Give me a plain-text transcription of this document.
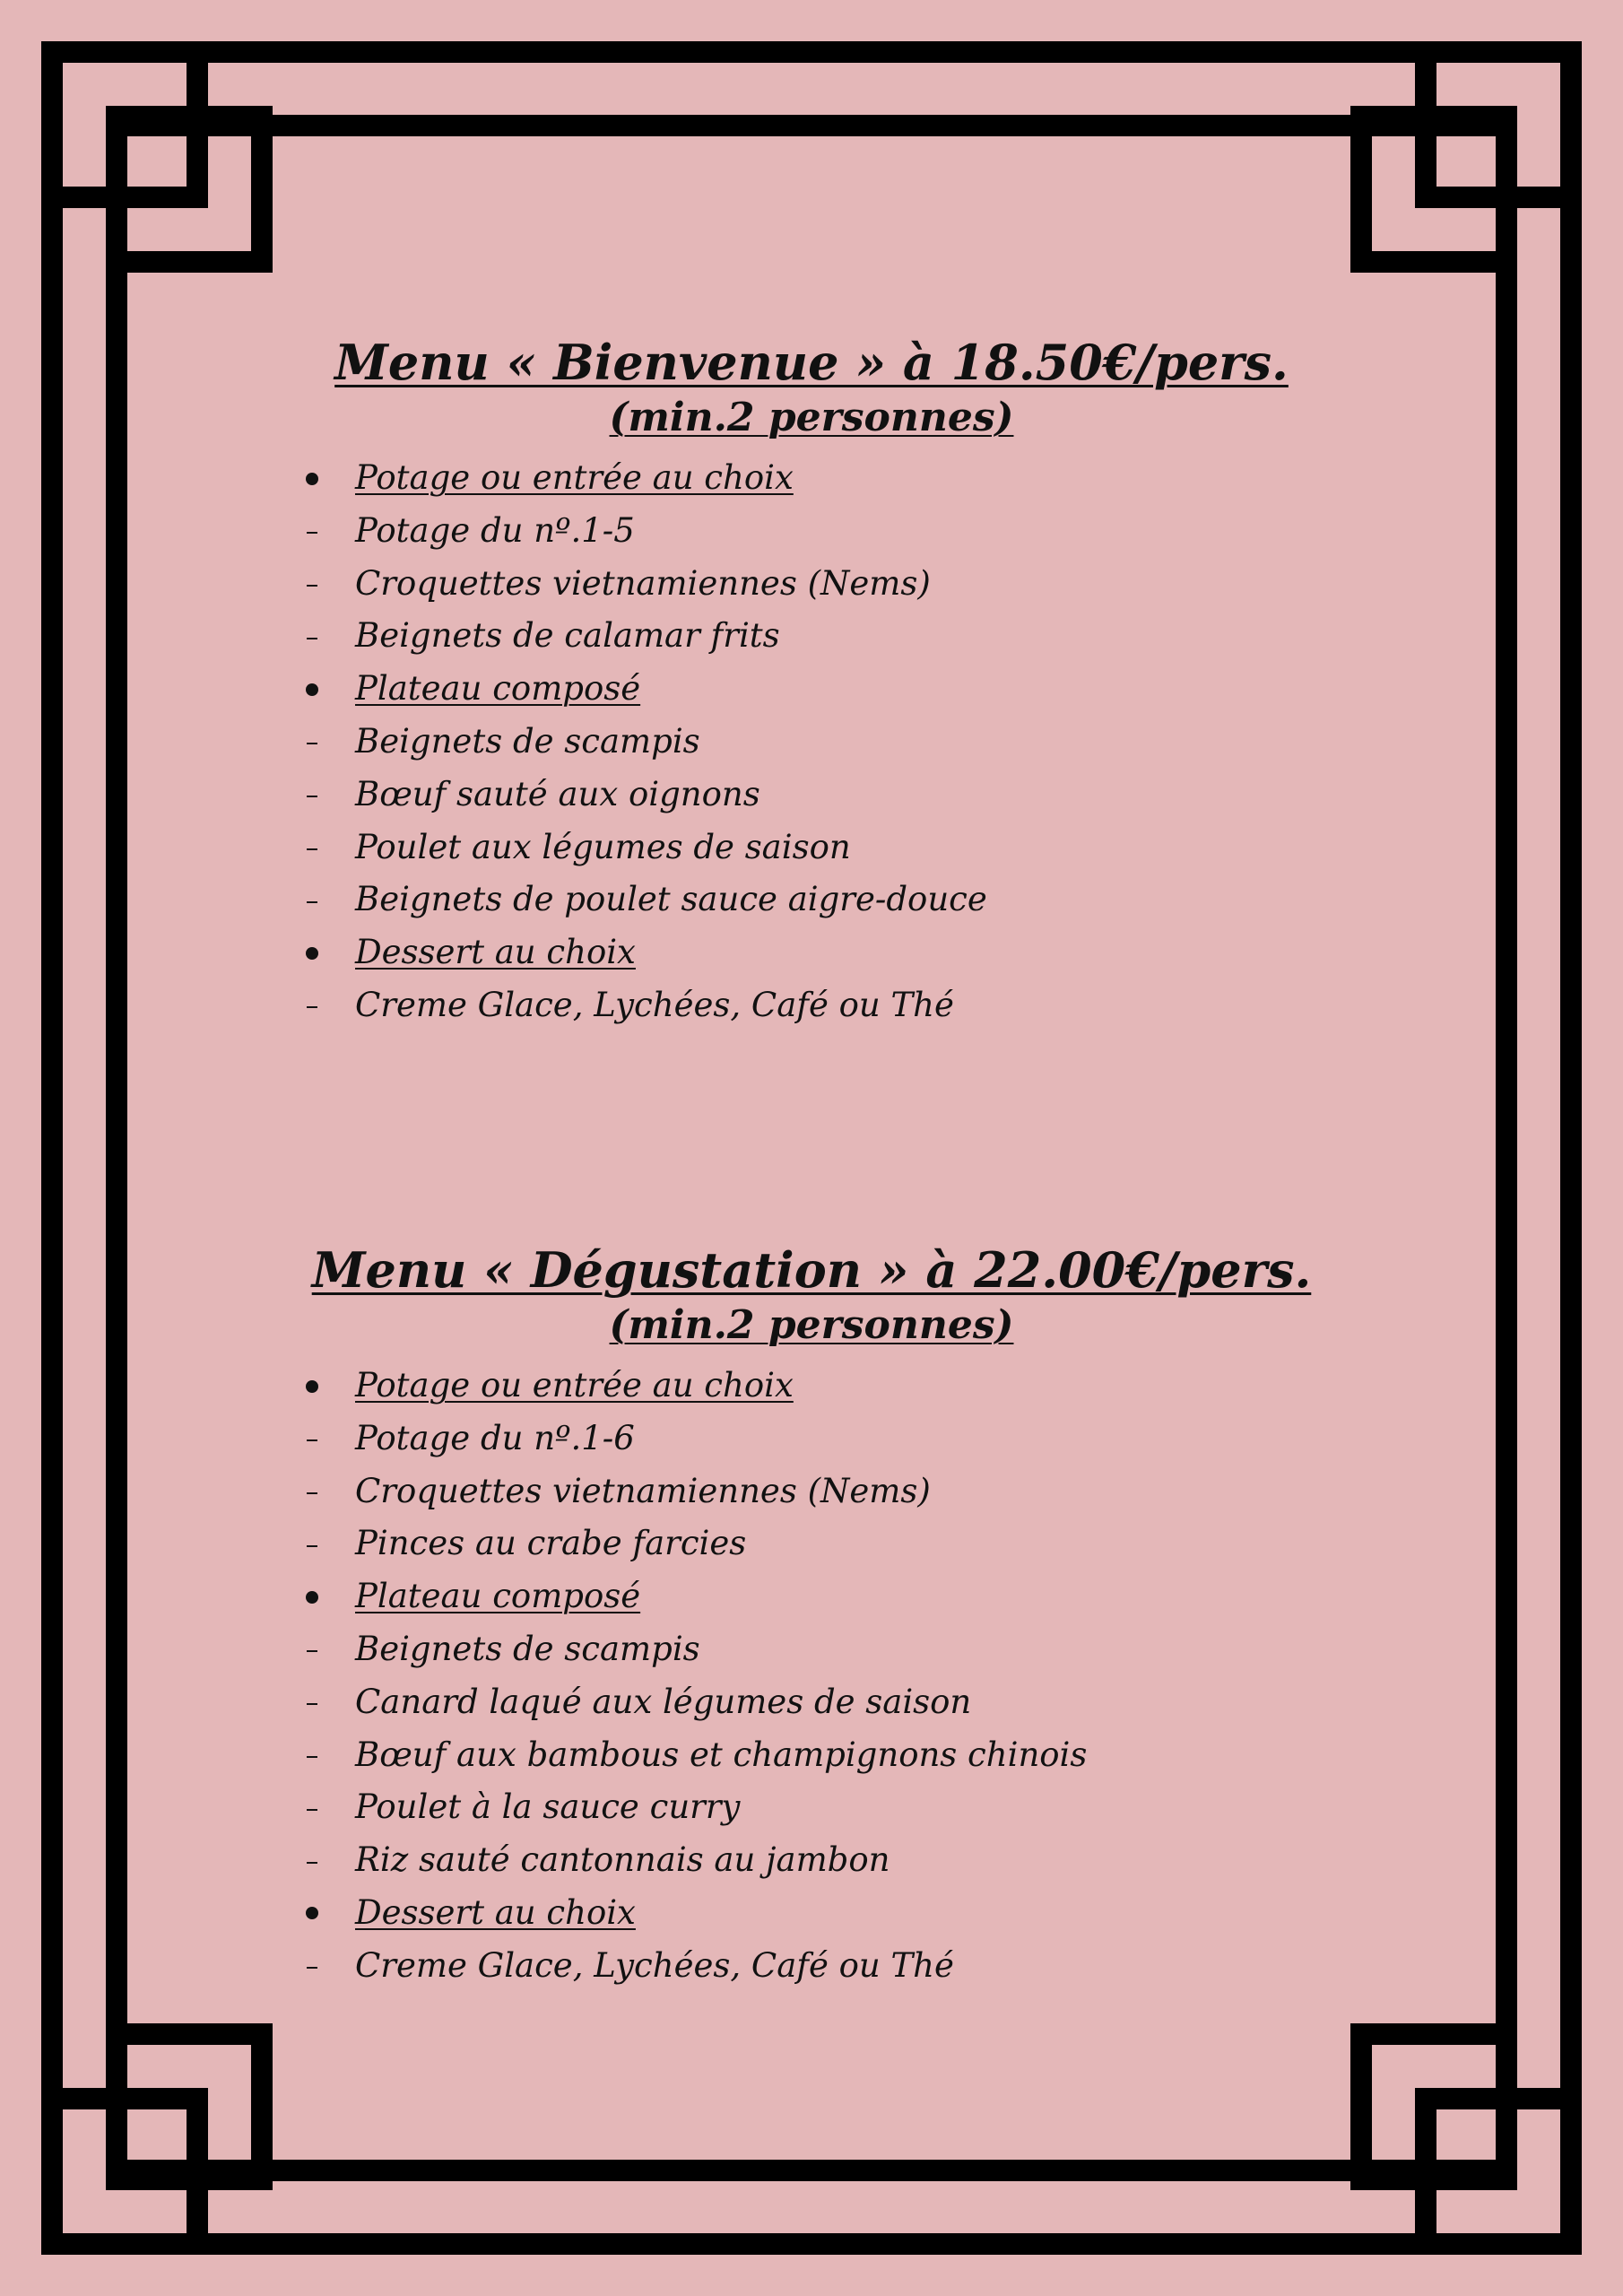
Menu « Bienvenue » à 18.50€/pers.
(min.2 personnes)
Potage ou entrée au choix
Potage du nº.1-5
Croquettes vietnamiennes (Nems)
Beignets de calamar frits
Plateau composé
Beignets de scampis
Bœuf sauté aux oignons
Poulet aux légumes de saison
Beignets de poulet sauce aigre-douce
Dessert au choix
Creme Glace, Lychées, Café ou Thé
Menu « Dégustation » à 22.00€/pers.
(min.2 personnes)
Potage ou entrée au choix
Potage du nº.1-6
Croquettes vietnamiennes (Nems)
Pinces au crabe farcies
Plateau composé
Beignets de scampis
Canard laqué aux légumes de saison
Bœuf aux bambous et champignons chinois
Poulet à la sauce curry
Riz sauté cantonnais au jambon
Dessert au choix
Creme Glace, Lychées, Café ou Thé
